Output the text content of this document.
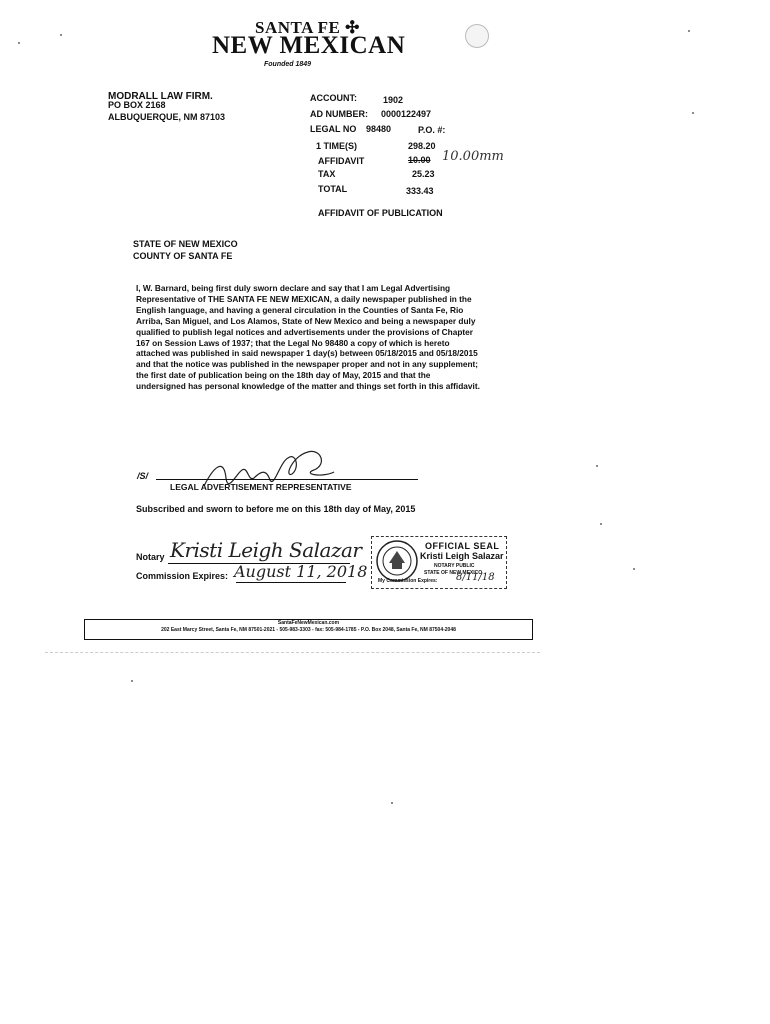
SANTA FE ✣
NEW MEXICAN
Founded 1849
MODRALL LAW FIRM.
PO BOX 2168
ALBUQUERQUE, NM 87103
ACCOUNT:	1902
AD NUMBER: 0000122497
LEGAL NO 98480	P.O. #:
1 TIME(S)	298.20
AFFIDAVIT	10.00 10.00mm
TAX	25.23
TOTAL	333.43
AFFIDAVIT OF PUBLICATION
STATE OF NEW MEXICO
COUNTY OF SANTA FE
I, W. Barnard, being first duly sworn declare and say that I am Legal Advertising Representative of THE SANTA FE NEW MEXICAN, a daily newspaper published in the English language, and having a general circulation in the Counties of Santa Fe, Rio Arriba, San Miguel, and Los Alamos, State of New Mexico and being a newspaper duly qualified to publish legal notices and advertisements under the provisions of Chapter 167 on Session Laws of 1937; that the Legal No 98480 a copy of which is hereto attached was published in said newspaper 1 day(s) between 05/18/2015 and 05/18/2015 and that the notice was published in the newspaper proper and not in any supplement; the first date of publication being on the 18th day of May, 2015 and that the undersigned has personal knowledge of the matter and things set forth in this affidavit.
/S/
LEGAL ADVERTISEMENT REPRESENTATIVE
Subscribed and sworn to before me on this 18th day of May, 2015
Notary Kristi Leigh Salazar
Commission Expires: August 11, 2018
OFFICIAL SEAL
Kristi Leigh Salazar
NOTARY PUBLIC
STATE OF NEW MEXICO
My Commission Expires: 8/11/18
SantaFeNewMexican.com
202 East Marcy Street, Santa Fe, NM 87501-2021 - 505-983-3303 - fax: 505-984-1785 - P.O. Box 2048, Santa Fe, NM 87504-2048
